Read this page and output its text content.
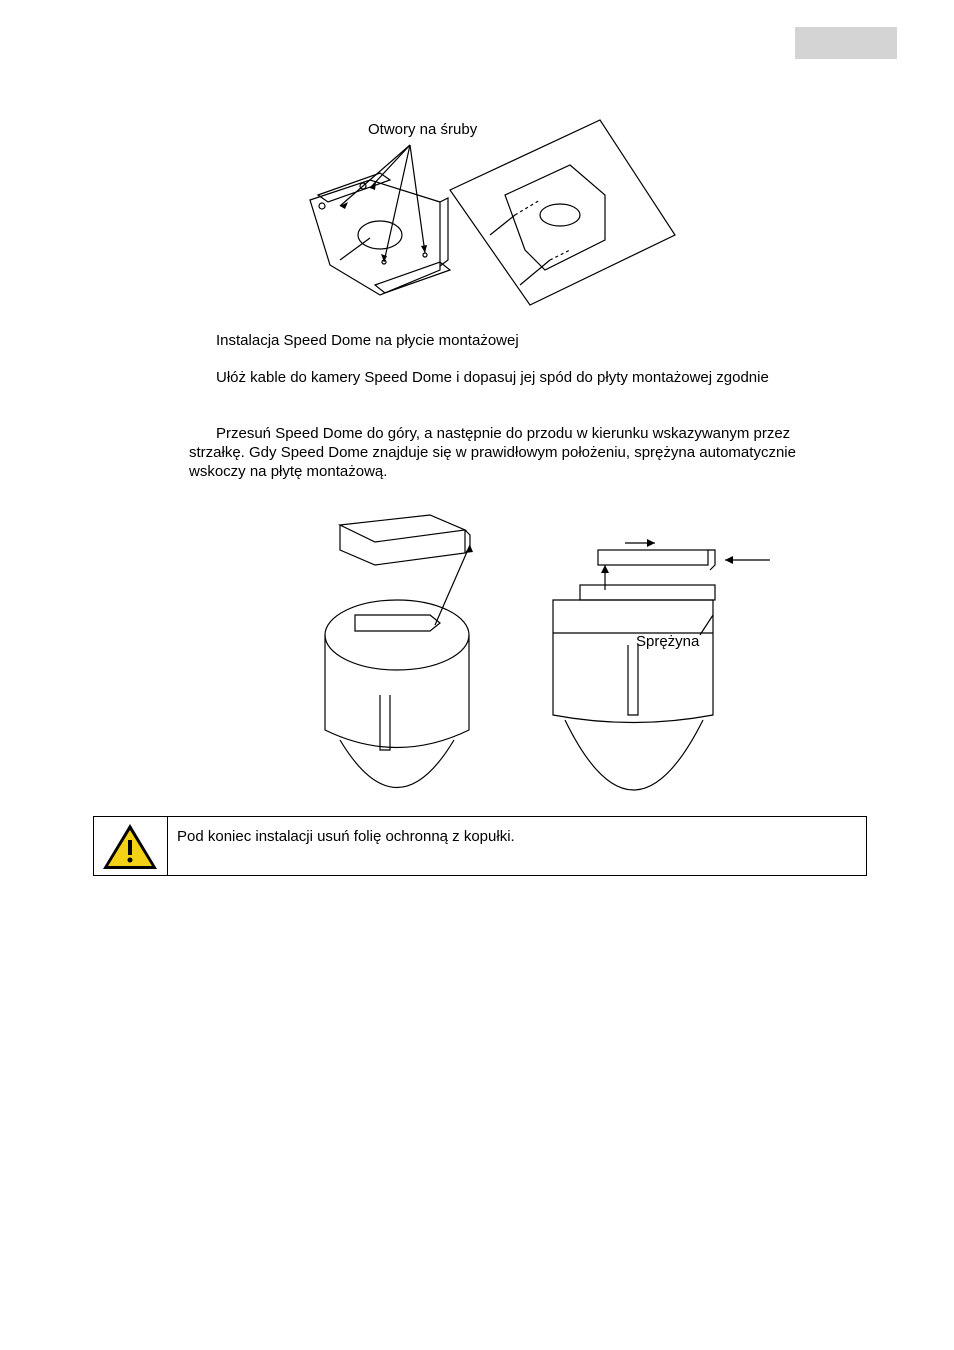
Otwory na śruby
Instalacja Speed Dome na płycie montażowej
Ułóż kable do kamery Speed Dome i dopasuj jej spód do płyty montażowej zgodnie
Przesuń Speed Dome do góry, a następnie do przodu w kierunku wskazywanym przez strzałkę. Gdy Speed Dome znajduje się w prawidłowym położeniu, sprężyna automatycznie wskoczy na płytę montażową.
Sprężyna
Pod koniec instalacji usuń folię ochronną z kopułki.
